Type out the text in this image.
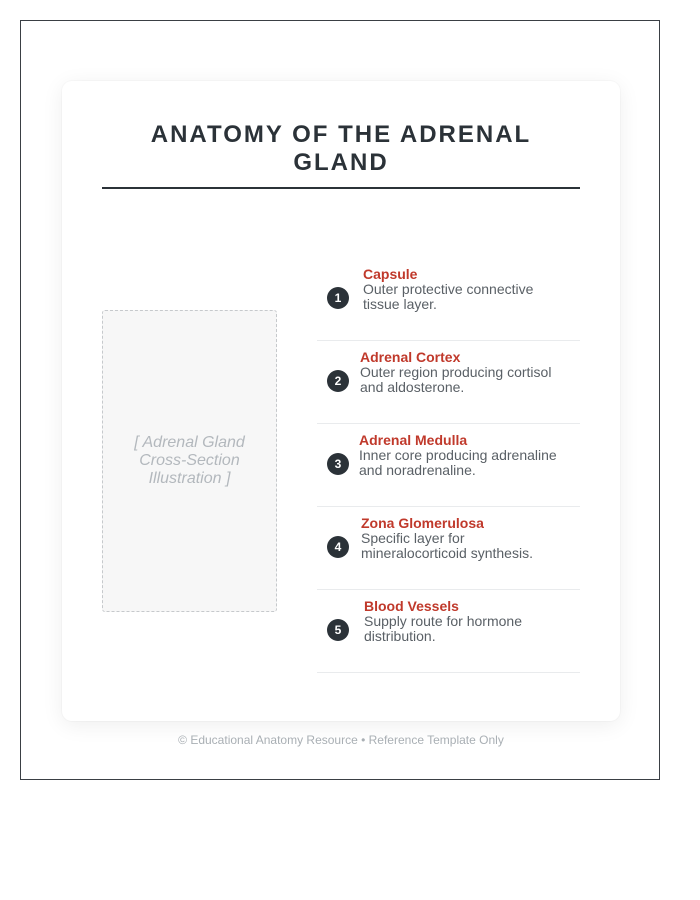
ANATOMY OF THE ADRENAL GLAND
[ Adrenal Gland Cross-Section Illustration ]
1
Capsule
Outer protective connective tissue layer.
2
Adrenal Cortex
Outer region producing cortisol and aldosterone.
3
Adrenal Medulla
Inner core producing adrenaline and noradrenaline.
4
Zona Glomerulosa
Specific layer for mineralocorticoid synthesis.
5
Blood Vessels
Supply route for hormone distribution.
© Educational Anatomy Resource • Reference Template Only
